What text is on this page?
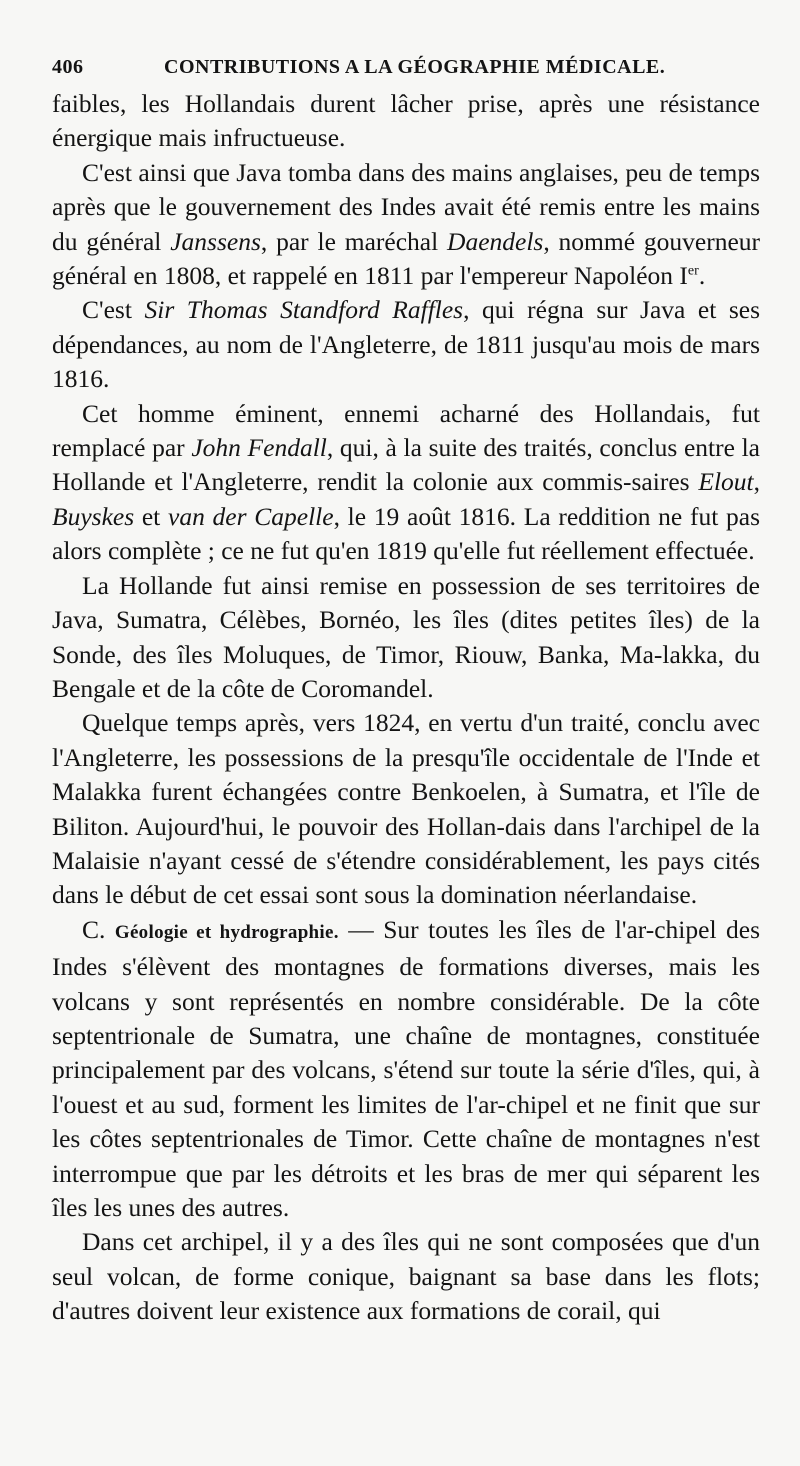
406	CONTRIBUTIONS A LA GÉOGRAPHIE MÉDICALE.

faibles, les Hollandais durent lâcher prise, après une résistance énergique mais infructueuse.

C'est ainsi que Java tomba dans des mains anglaises, peu de temps après que le gouvernement des Indes avait été remis entre les mains du général Janssens, par le maréchal Daendels, nommé gouverneur général en 1808, et rappelé en 1811 par l'empereur Napoléon Ier.

C'est Sir Thomas Standford Raffles, qui régna sur Java et ses dépendances, au nom de l'Angleterre, de 1811 jusqu'au mois de mars 1816.

Cet homme éminent, ennemi acharné des Hollandais, fut remplacé par John Fendall, qui, à la suite des traités, conclus entre la Hollande et l'Angleterre, rendit la colonie aux commis-saires Elout, Buyskes et van der Capelle, le 19 août 1816. La reddition ne fut pas alors complète ; ce ne fut qu'en 1819 qu'elle fut réellement effectuée.

La Hollande fut ainsi remise en possession de ses territoires de Java, Sumatra, Célèbes, Bornéo, les îles (dites petites îles) de la Sonde, des îles Moluques, de Timor, Riouw, Banka, Ma-lakka, du Bengale et de la côte de Coromandel.

Quelque temps après, vers 1824, en vertu d'un traité, conclu avec l'Angleterre, les possessions de la presqu'île occidentale de l'Inde et Malakka furent échangées contre Benkoelen, à Sumatra, et l'île de Biliton. Aujourd'hui, le pouvoir des Hollan-dais dans l'archipel de la Malaisie n'ayant cessé de s'étendre considérablement, les pays cités dans le début de cet essai sont sous la domination néerlandaise.

C. Géologie et hydrographie. — Sur toutes les îles de l'ar-chipel des Indes s'élèvent des montagnes de formations diverses, mais les volcans y sont représentés en nombre considérable. De la côte septentrionale de Sumatra, une chaîne de montagnes, constituée principalement par des volcans, s'étend sur toute la série d'îles, qui, à l'ouest et au sud, forment les limites de l'ar-chipel et ne finit que sur les côtes septentrionales de Timor. Cette chaîne de montagnes n'est interrompue que par les détroits et les bras de mer qui séparent les îles les unes des autres.

Dans cet archipel, il y a des îles qui ne sont composées que d'un seul volcan, de forme conique, baignant sa base dans les flots; d'autres doivent leur existence aux formations de corail, qui
